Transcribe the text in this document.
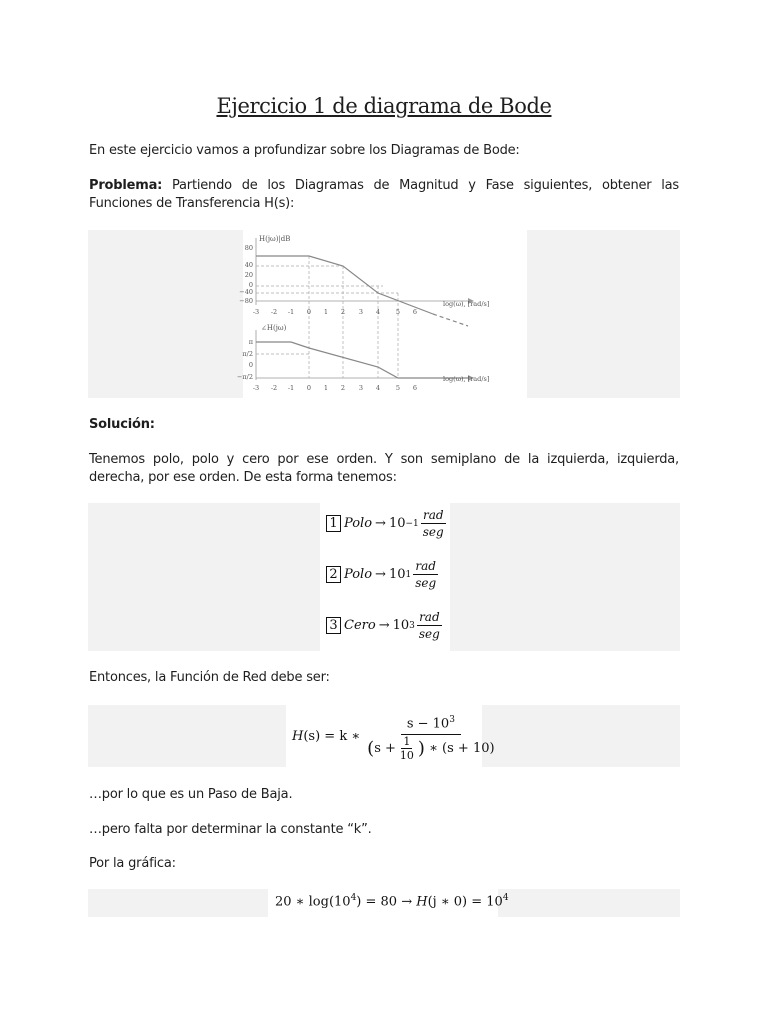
Ejercicio 1 de diagrama de Bode
En este ejercicio vamos a profundizar sobre los Diagramas de Bode:
Problema: Partiendo de los Diagramas de Magnitud y Fase siguientes, obtener las Funciones de Transferencia H(s):
H(jω)|dB
∠H(jω)
log(ω), [rad/s]
log(ω), [rad/s]
80
40
20
0
−40
−80
π
π/2
0
−π/2
-3 -2 -1 0 1 2 3 4 5 6
-3 -2 -1 0 1 2 3 4 5 6
Solución:
Tenemos polo, polo y cero por ese orden. Y son semiplano de la izquierda, izquierda, derecha, por ese orden. De esta forma tenemos:
1 Polo → $10 -1 \frac{\text{rad}}{\text{seg}}$
2 Polo → 10 $1 \frac{\text{rad}}{\text{seg}}$
3 Cero → 10 $3 \frac{\text{rad}}{\text{seg}}$
Entonces, la Función de Red debe ser:
H (s) = k ∗ $\frac{s - 10^3}{( s + \frac{1}{10} ) ∗ (s + 10)}$
…por lo que es un Paso de Baja.
…pero falta por determinar la constante “k”.
Por la gráfica:
20 ∗ $\log(10^4) = 80 \to H(j$ ∗ $0) = 10^4$
